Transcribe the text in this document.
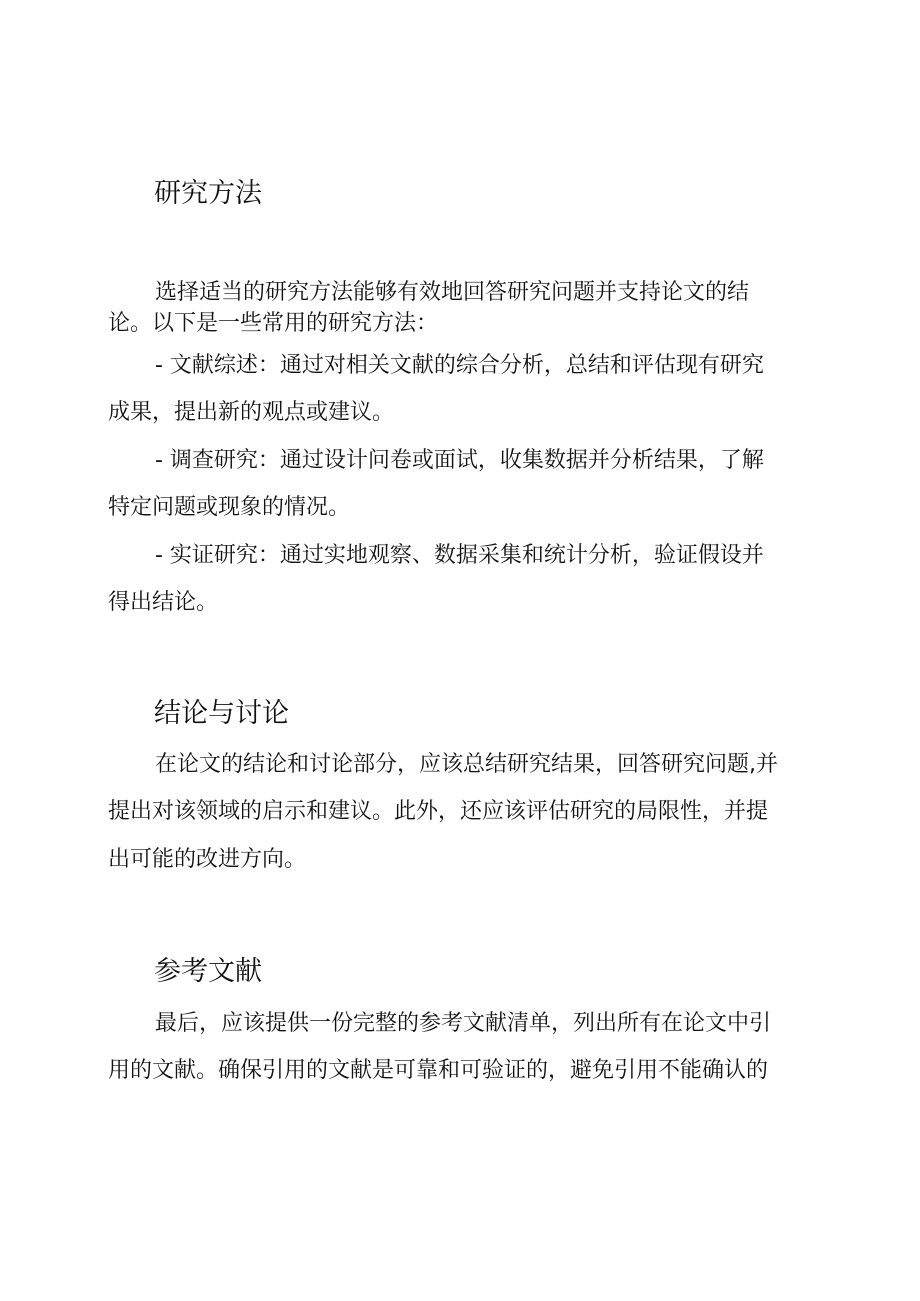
研究方法

选择适当的研究方法能够有效地回答研究问题并支持论文的结

论。以下是一些常用的研究方法：

- 文献综述：通过对相关文献的综合分析，总结和评估现有研究

成果，提出新的观点或建议。

- 调查研究：通过设计问卷或面试，收集数据并分析结果，了解

特定问题或现象的情况。

- 实证研究：通过实地观察、数据采集和统计分析，验证假设并

得出结论。

结论与讨论

在论文的结论和讨论部分，应该总结研究结果，回答研究问题,并

提出对该领域的启示和建议。此外，还应该评估研究的局限性，并提

出可能的改进方向。

参考文献

最后，应该提供一份完整的参考文献清单，列出所有在论文中引

用的文献。确保引用的文献是可靠和可验证的，避免引用不能确认的
